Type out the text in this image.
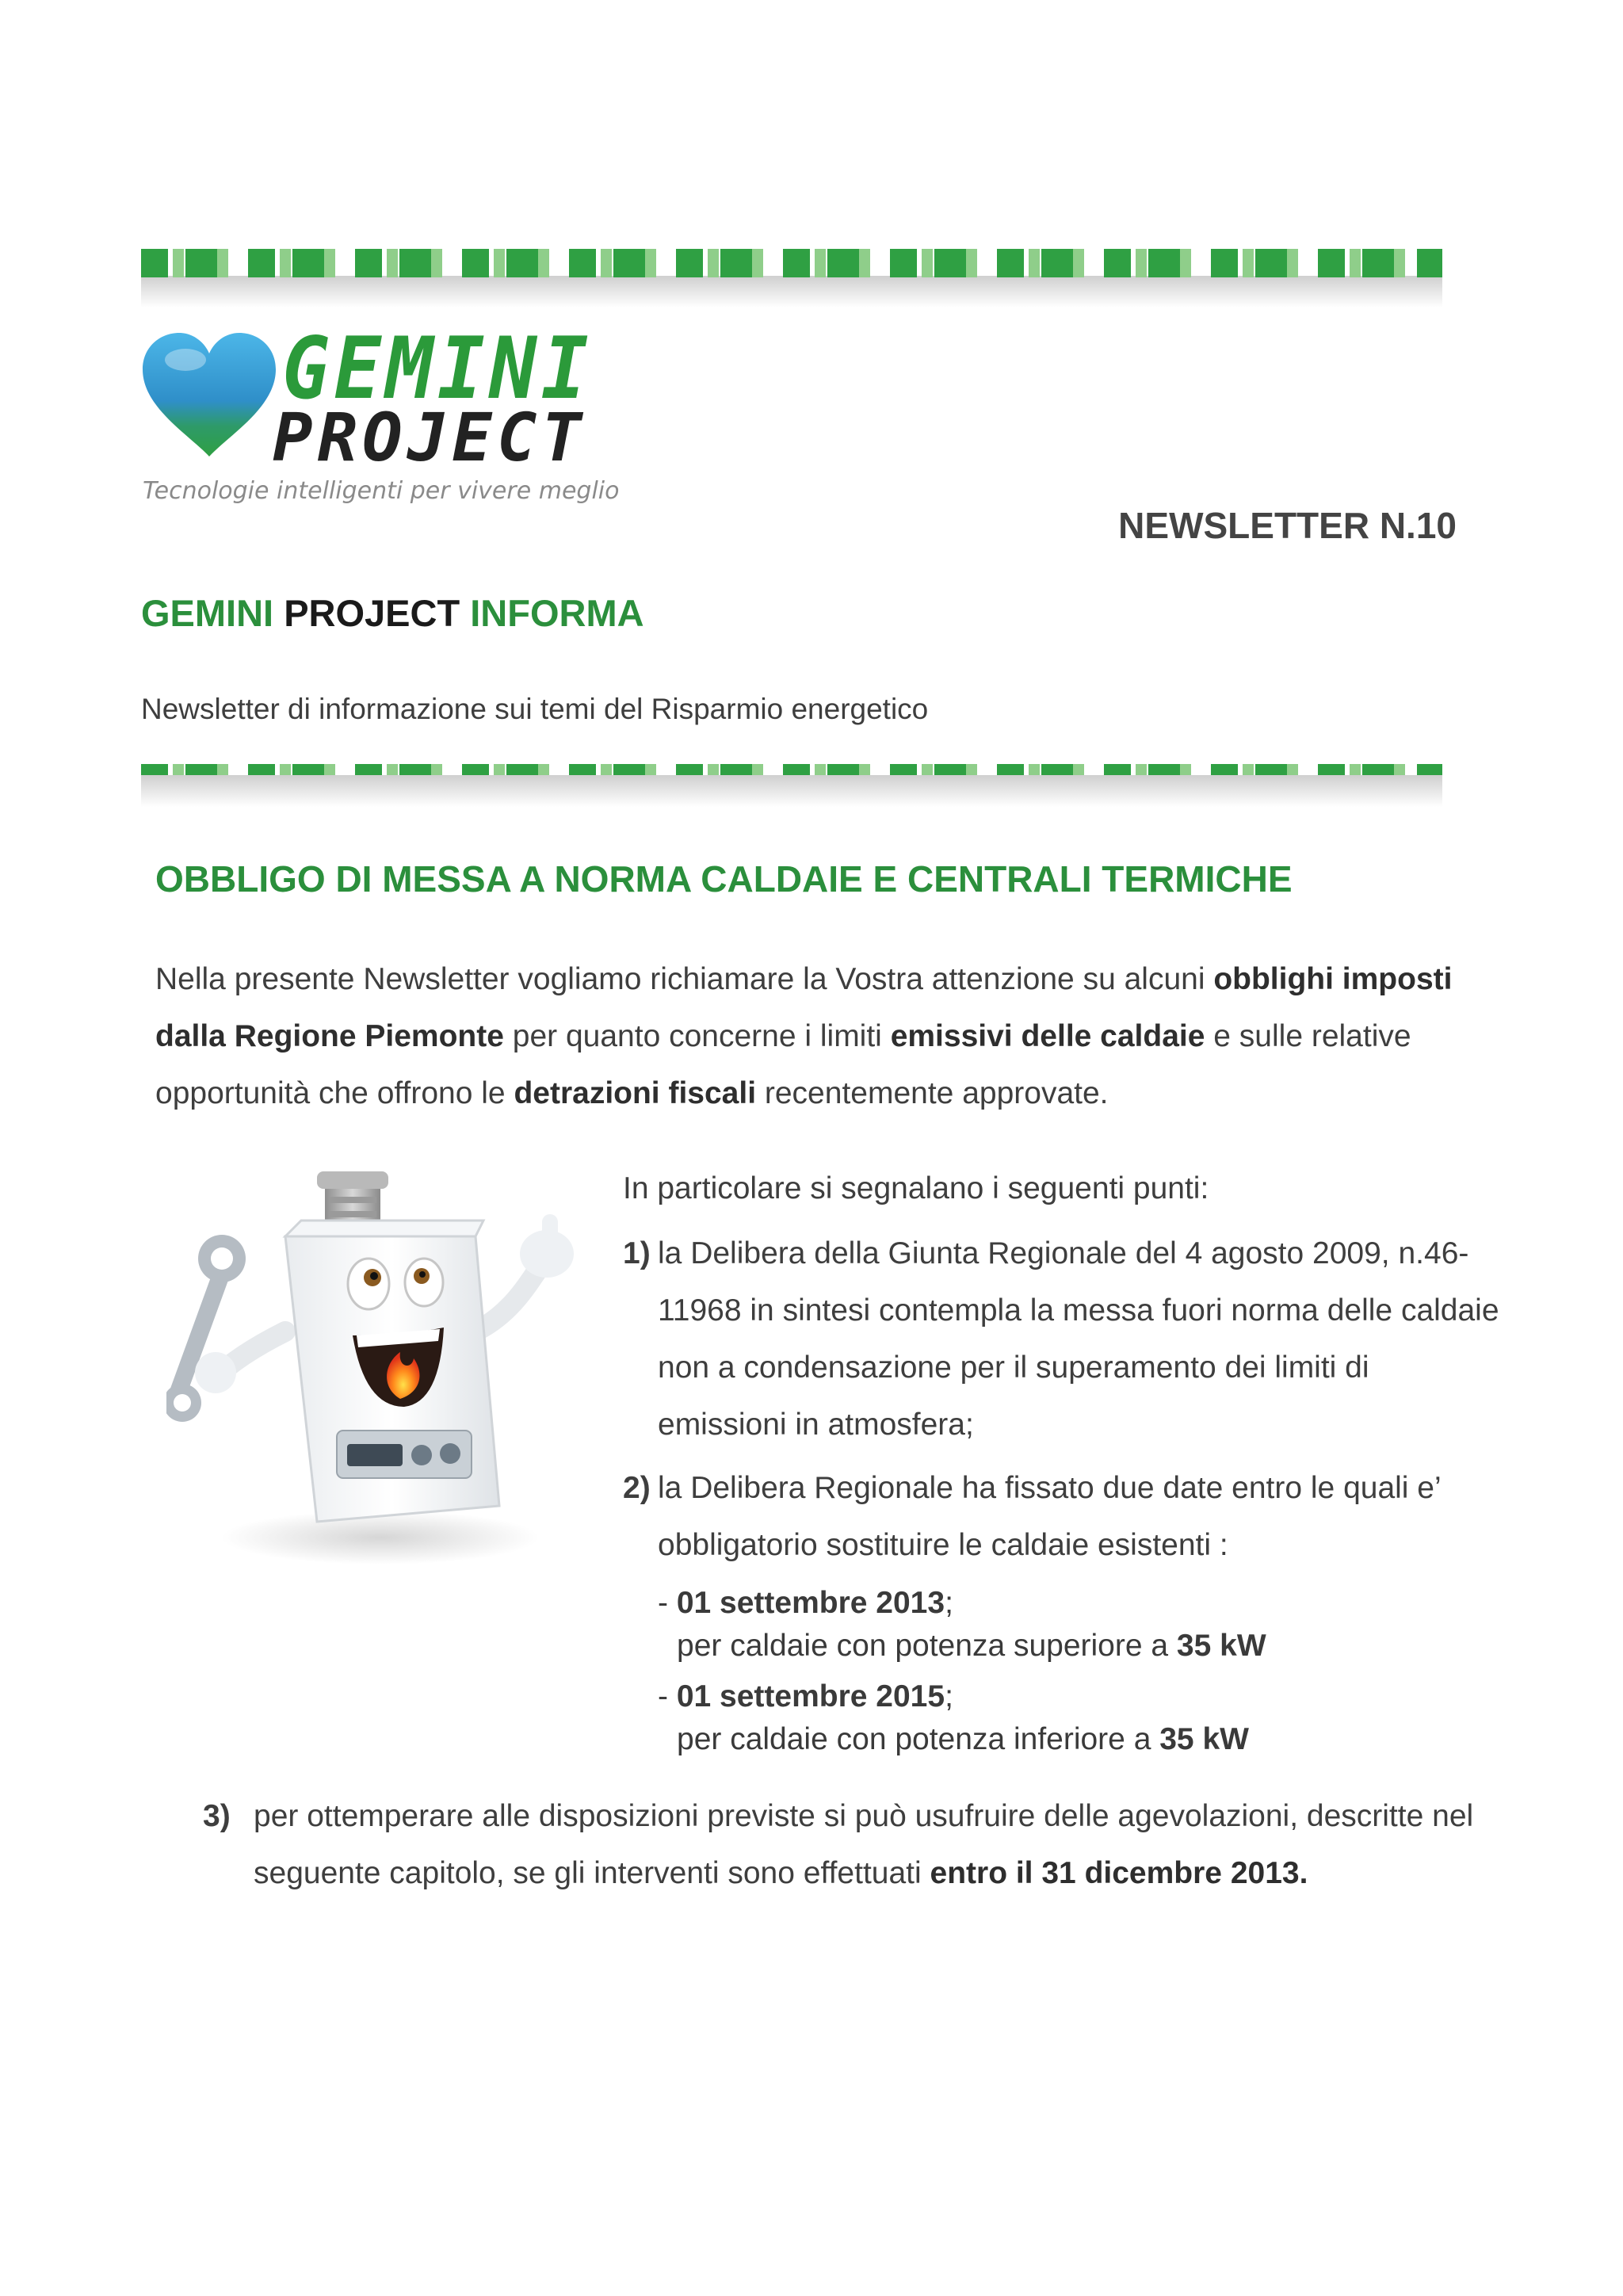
GEMINI
PROJECT
Tecnologie intelligenti per vivere meglio
NEWSLETTER N.10
GEMINI PROJECT INFORMA
Newsletter di informazione sui temi del Risparmio energetico
OBBLIGO DI MESSA A NORMA CALDAIE E CENTRALI TERMICHE

Nella presente Newsletter vogliamo richiamare la Vostra attenzione su alcuni obblighi imposti dalla Regione Piemonte per quanto concerne i limiti emissivi delle caldaie e sulle relative opportunità che offrono le detrazioni fiscali recentemente approvate.

In particolare si segnalano i seguenti punti:

1) la Delibera della Giunta Regionale del 4 agosto 2009, n.46-11968 in sintesi contempla la messa fuori norma delle caldaie non a condensazione per il superamento dei limiti di emissioni in atmosfera;
2) la Delibera Regionale ha fissato due date entro le quali e’ obbligatorio sostituire le caldaie esistenti :
- 01 settembre 2013;
per caldaie con potenza superiore a 35 kW
- 01 settembre 2015;
per caldaie con potenza inferiore a 35 kW
3) per ottemperare alle disposizioni previste si può usufruire delle agevolazioni, descritte nel seguente capitolo, se gli interventi sono effettuati entro il 31 dicembre 2013.
